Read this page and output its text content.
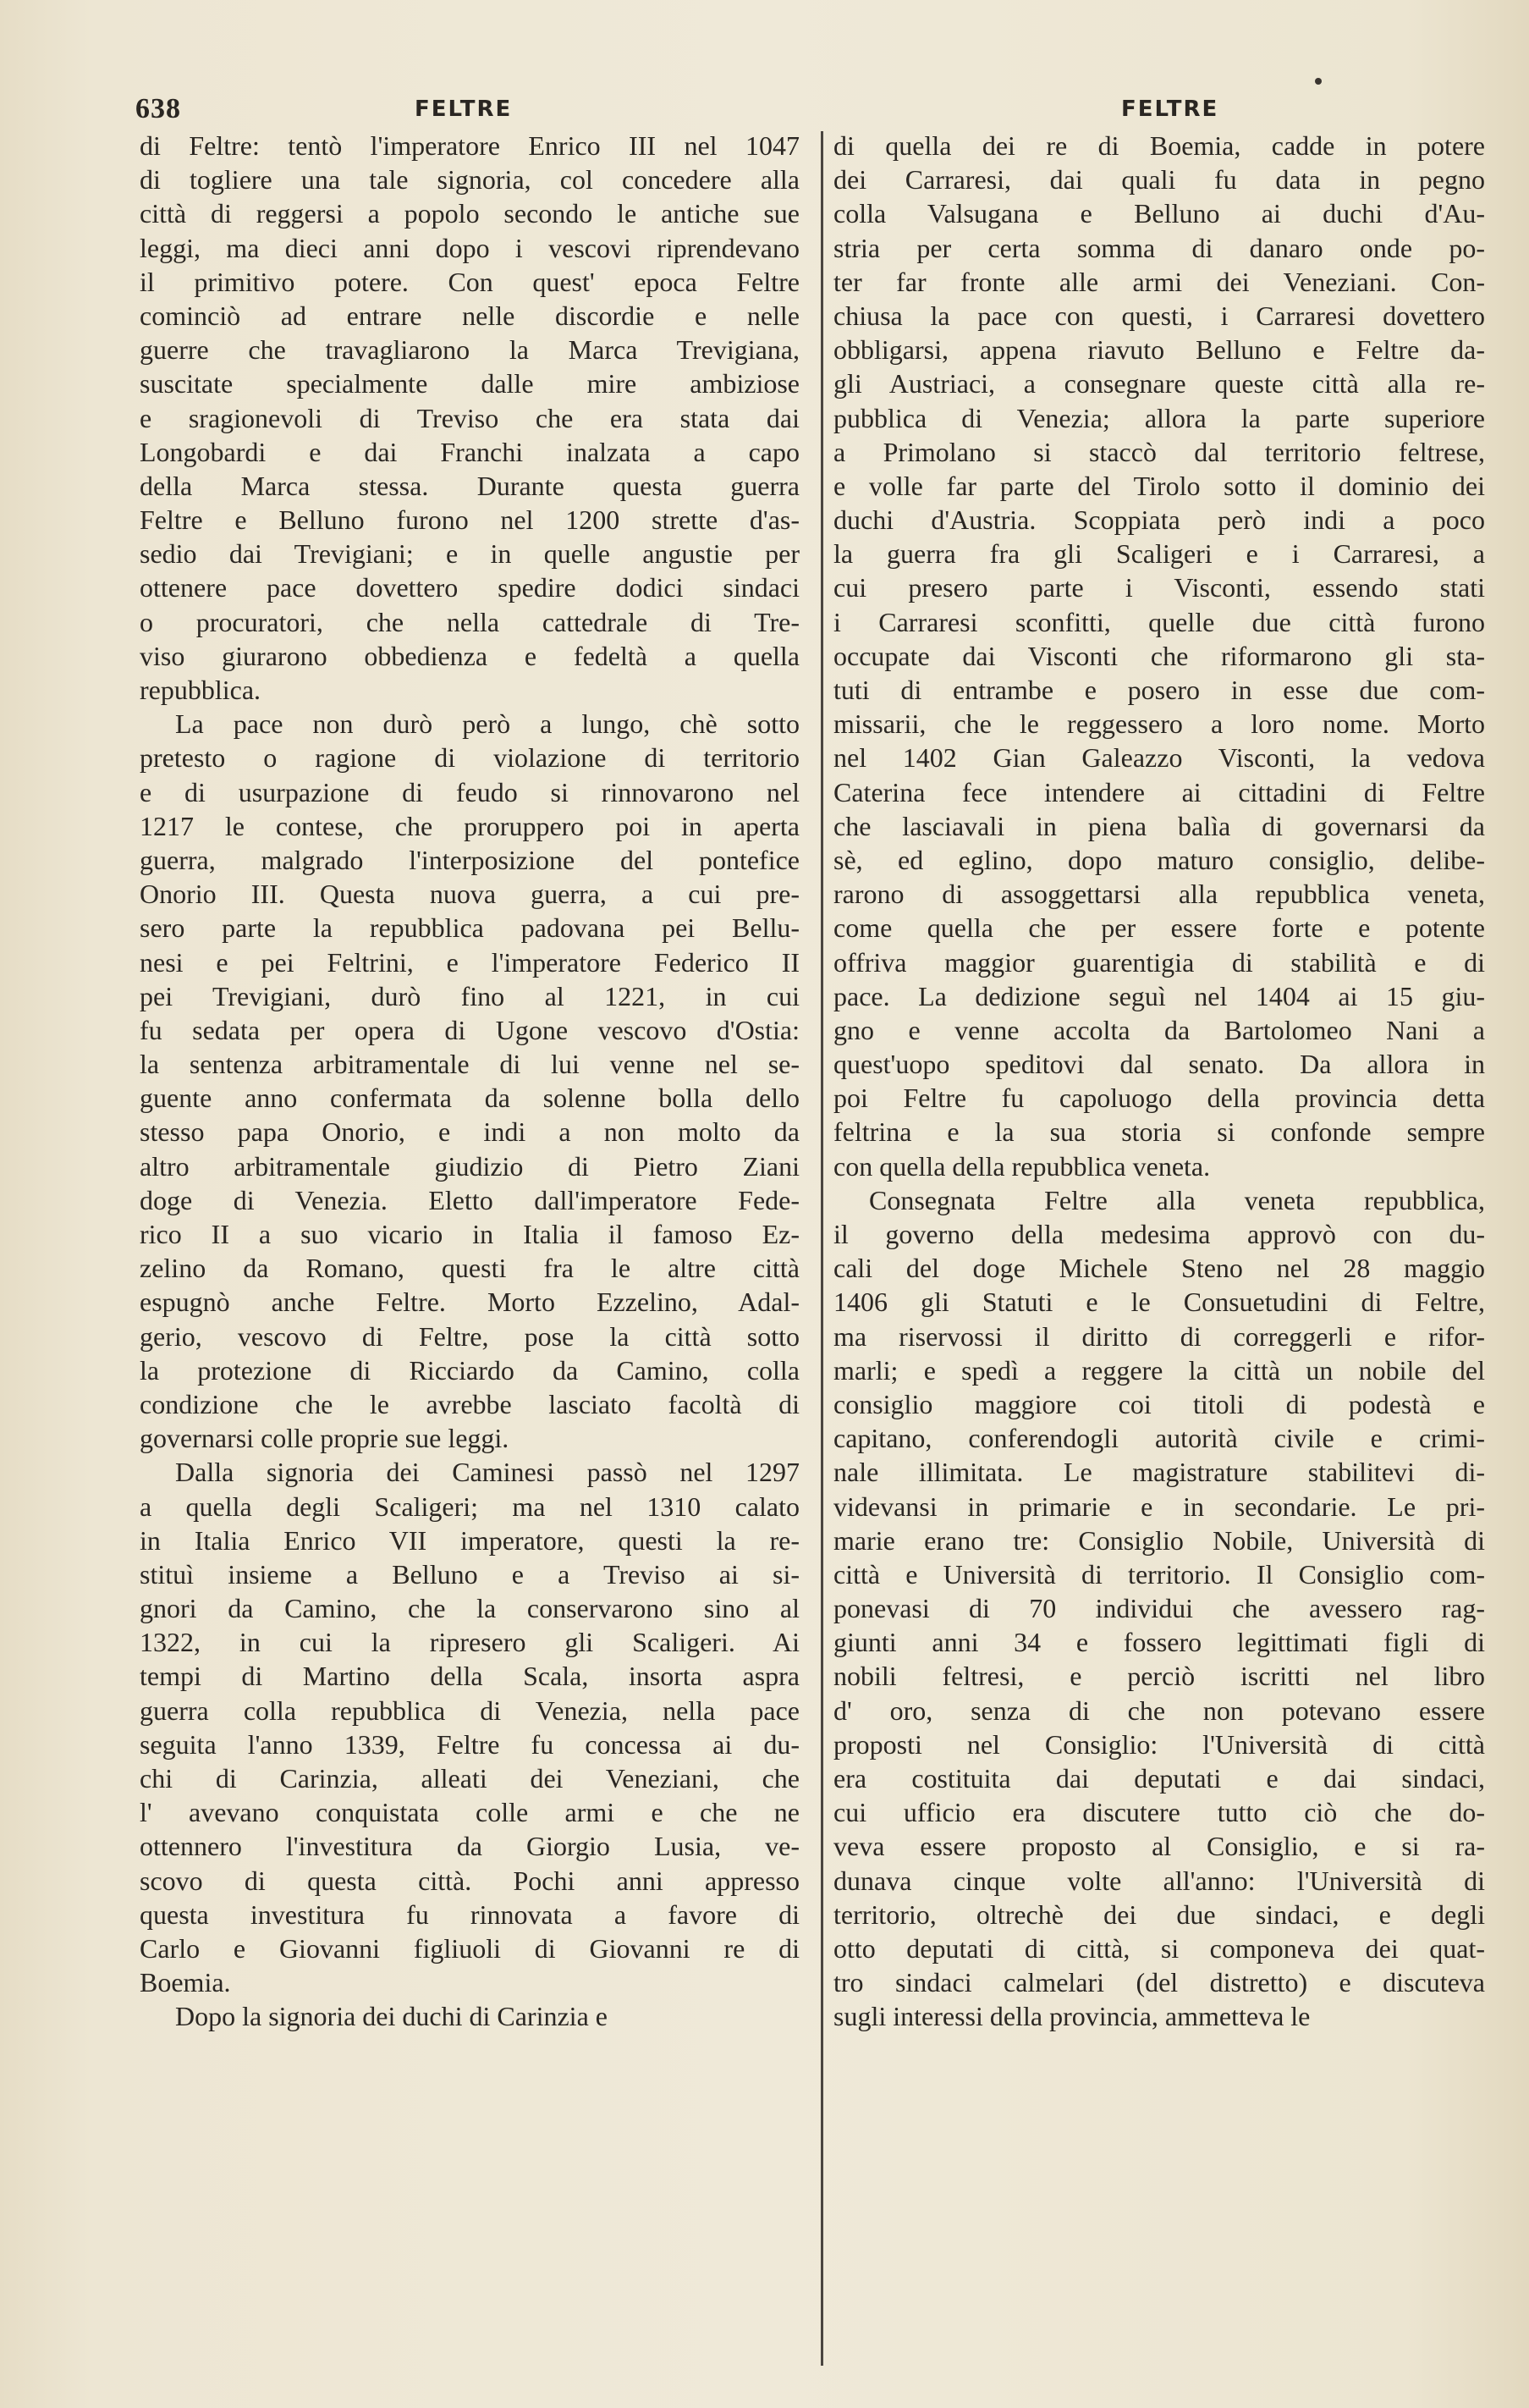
638	FELTRE	FELTRE
di Feltre: tentò l'imperatore Enrico III nel 1047
di togliere una tale signoria, col concedere alla
città di reggersi a popolo secondo le antiche sue
leggi, ma dieci anni dopo i vescovi riprendevano
il primitivo potere. Con quest' epoca Feltre
cominciò ad entrare nelle discordie e nelle
guerre che travagliarono la Marca Trevigiana,
suscitate specialmente dalle mire ambiziose
e sragionevoli di Treviso che era stata dai
Longobardi e dai Franchi inalzata a capo
della Marca stessa. Durante questa guerra
Feltre e Belluno furono nel 1200 strette d'as-
sedio dai Trevigiani; e in quelle angustie per
ottenere pace dovettero spedire dodici sindaci
o procuratori, che nella cattedrale di Tre-
viso giurarono obbedienza e fedeltà a quella
repubblica.
La pace non durò però a lungo, chè sotto
pretesto o ragione di violazione di territorio
e di usurpazione di feudo si rinnovarono nel
1217 le contese, che proruppero poi in aperta
guerra, malgrado l'interposizione del pontefice
Onorio III. Questa nuova guerra, a cui pre-
sero parte la repubblica padovana pei Bellu-
nesi e pei Feltrini, e l'imperatore Federico II
pei Trevigiani, durò fino al 1221, in cui
fu sedata per opera di Ugone vescovo d'Ostia:
la sentenza arbitramentale di lui venne nel se-
guente anno confermata da solenne bolla dello
stesso papa Onorio, e indi a non molto da
altro arbitramentale giudizio di Pietro Ziani
doge di Venezia. Eletto dall'imperatore Fede-
rico II a suo vicario in Italia il famoso Ez-
zelino da Romano, questi fra le altre città
espugnò anche Feltre. Morto Ezzelino, Adal-
gerio, vescovo di Feltre, pose la città sotto
la protezione di Ricciardo da Camino, colla
condizione che le avrebbe lasciato facoltà di
governarsi colle proprie sue leggi.
Dalla signoria dei Caminesi passò nel 1297
a quella degli Scaligeri; ma nel 1310 calato
in Italia Enrico VII imperatore, questi la re-
stituì insieme a Belluno e a Treviso ai si-
gnori da Camino, che la conservarono sino al
1322, in cui la ripresero gli Scaligeri. Ai
tempi di Martino della Scala, insorta aspra
guerra colla repubblica di Venezia, nella pace
seguita l'anno 1339, Feltre fu concessa ai du-
chi di Carinzia, alleati dei Veneziani, che
l' avevano conquistata colle armi e che ne
ottennero l'investitura da Giorgio Lusia, ve-
scovo di questa città. Pochi anni appresso
questa investitura fu rinnovata a favore di
Carlo e Giovanni figliuoli di Giovanni re di
Boemia.
Dopo la signoria dei duchi di Carinzia e
di quella dei re di Boemia, cadde in potere
dei Carraresi, dai quali fu data in pegno
colla Valsugana e Belluno ai duchi d'Au-
stria per certa somma di danaro onde po-
ter far fronte alle armi dei Veneziani. Con-
chiusa la pace con questi, i Carraresi dovettero
obbligarsi, appena riavuto Belluno e Feltre da-
gli Austriaci, a consegnare queste città alla re-
pubblica di Venezia; allora la parte superiore
a Primolano si staccò dal territorio feltrese,
e volle far parte del Tirolo sotto il dominio dei
duchi d'Austria. Scoppiata però indi a poco
la guerra fra gli Scaligeri e i Carraresi, a
cui presero parte i Visconti, essendo stati
i Carraresi sconfitti, quelle due città furono
occupate dai Visconti che riformarono gli sta-
tuti di entrambe e posero in esse due com-
missarii, che le reggessero a loro nome. Morto
nel 1402 Gian Galeazzo Visconti, la vedova
Caterina fece intendere ai cittadini di Feltre
che lasciavali in piena balìa di governarsi da
sè, ed eglino, dopo maturo consiglio, delibe-
rarono di assoggettarsi alla repubblica veneta,
come quella che per essere forte e potente
offriva maggior guarentigia di stabilità e di
pace. La dedizione seguì nel 1404 ai 15 giu-
gno e venne accolta da Bartolomeo Nani a
quest'uopo speditovi dal senato. Da allora in
poi Feltre fu capoluogo della provincia detta
feltrina e la sua storia si confonde sempre
con quella della repubblica veneta.
Consegnata Feltre alla veneta repubblica,
il governo della medesima approvò con du-
cali del doge Michele Steno nel 28 maggio
1406 gli Statuti e le Consuetudini di Feltre,
ma riservossi il diritto di correggerli e rifor-
marli; e spedì a reggere la città un nobile del
consiglio maggiore coi titoli di podestà e
capitano, conferendogli autorità civile e crimi-
nale illimitata. Le magistrature stabilitevi di-
videvansi in primarie e in secondarie. Le pri-
marie erano tre: Consiglio Nobile, Università di
città e Università di territorio. Il Consiglio com-
ponevasi di 70 individui che avessero rag-
giunti anni 34 e fossero legittimati figli di
nobili feltresi, e perciò iscritti nel libro
d' oro, senza di che non potevano essere
proposti nel Consiglio: l'Università di città
era costituita dai deputati e dai sindaci,
cui ufficio era discutere tutto ciò che do-
veva essere proposto al Consiglio, e si ra-
dunava cinque volte all'anno: l'Università di
territorio, oltrechè dei due sindaci, e degli
otto deputati di città, si componeva dei quat-
tro sindaci calmelari (del distretto) e discuteva
sugli interessi della provincia, ammetteva le
